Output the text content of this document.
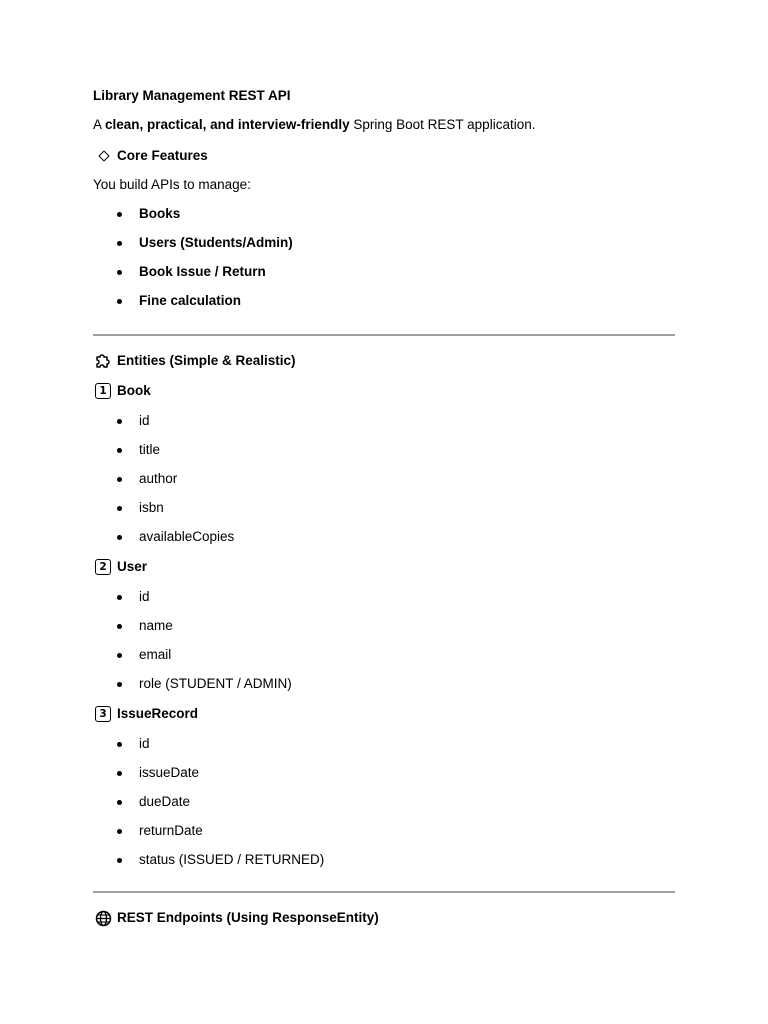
Library Management REST API
A clean, practical, and interview-friendly Spring Boot REST application.
Core Features
You build APIs to manage:
Books
Users (Students/Admin)
Book Issue / Return
Fine calculation
Entities (Simple & Realistic)
1 Book
id
title
author
isbn
availableCopies
2 User
id
name
email
role (STUDENT / ADMIN)
3 IssueRecord
id
issueDate
dueDate
returnDate
status (ISSUED / RETURNED)
REST Endpoints (Using ResponseEntity)
